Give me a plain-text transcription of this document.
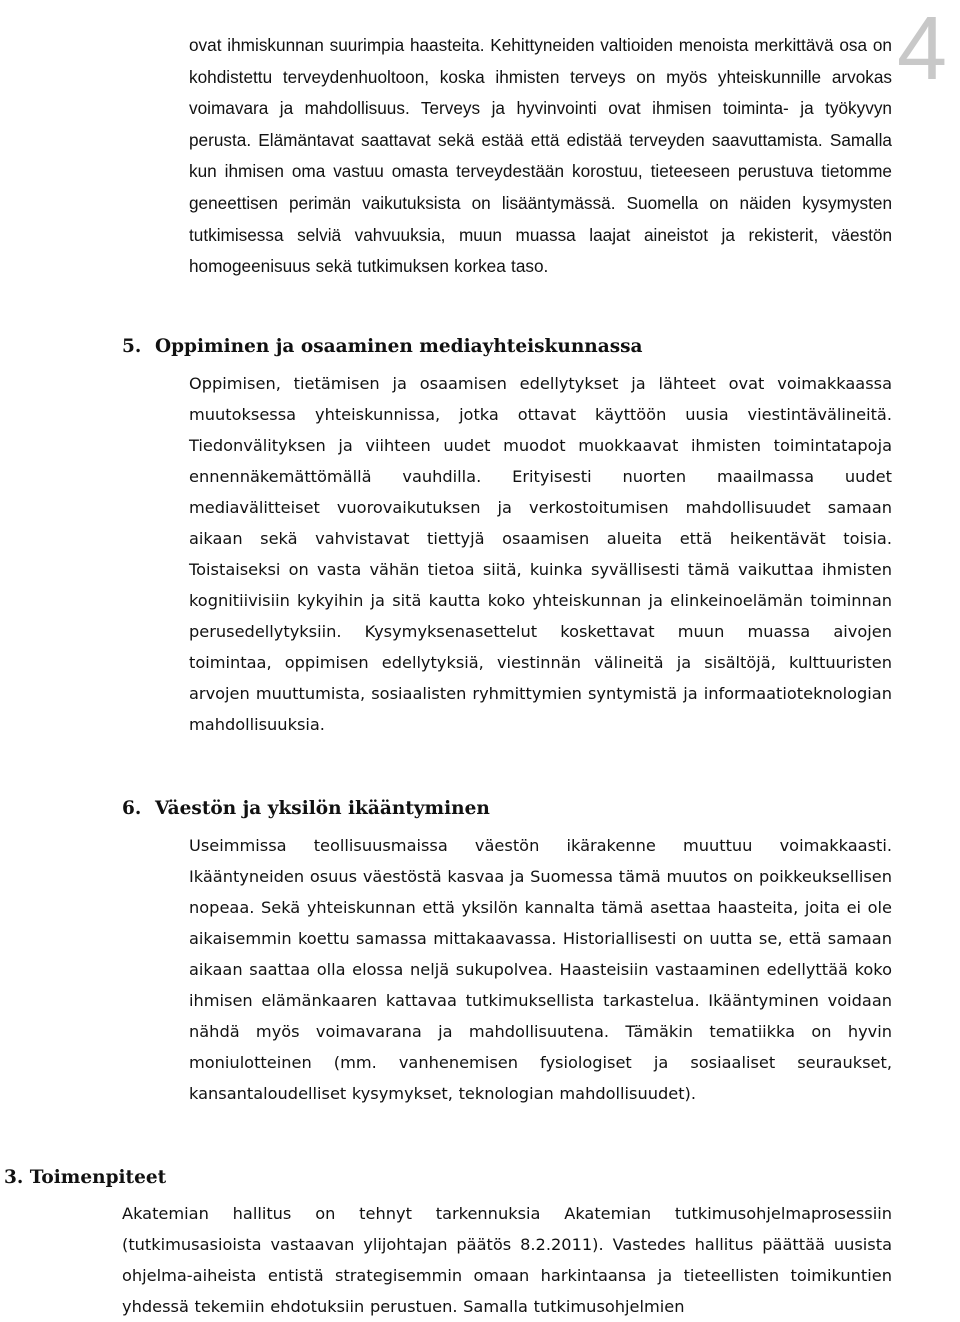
4

ovat ihmiskunnan suurimpia haasteita. Kehittyneiden valtioiden menoista merkittävä osa on kohdistettu terveydenhuoltoon, koska ihmisten terveys on myös yhteiskunnille arvokas voimavara ja mahdollisuus. Terveys ja hyvinvointi ovat ihmisen toiminta- ja työkyvyn perusta. Elämäntavat saattavat sekä estää että edistää terveyden saavuttamista. Samalla kun ihmisen oma vastuu omasta terveydestään korostuu, tieteeseen perustuva tietomme geneettisen perimän vaikutuksista on lisääntymässä. Suomella on näiden kysymysten tutkimisessa selviä vahvuuksia, muun muassa laajat aineistot ja rekisterit, väestön homogeenisuus sekä tutkimuksen korkea taso.

5. Oppiminen ja osaaminen mediayhteiskunnassa

Oppimisen, tietämisen ja osaamisen edellytykset ja lähteet ovat voimakkaassa muutoksessa yhteiskunnissa, jotka ottavat käyttöön uusia viestintävälineitä. Tiedonvälityksen ja viihteen uudet muodot muokkaavat ihmisten toimintatapoja ennennäkemättömällä vauhdilla. Erityisesti nuorten maailmassa uudet mediavälitteiset vuorovaikutuksen ja verkostoitumisen mahdollisuudet samaan aikaan sekä vahvistavat tiettyjä osaamisen alueita että heikentävät toisia. Toistaiseksi on vasta vähän tietoa siitä, kuinka syvällisesti tämä vaikuttaa ihmisten kognitiivisiin kykyihin ja sitä kautta koko yhteiskunnan ja elinkeinoelämän toiminnan perusedellytyksiin. Kysymyksenasettelut koskettavat muun muassa aivojen toimintaa, oppimisen edellytyksiä, viestinnän välineitä ja sisältöjä, kulttuuristen arvojen muuttumista, sosiaalisten ryhmittymien syntymistä ja informaatioteknologian mahdollisuuksia.

6. Väestön ja yksilön ikääntyminen

Useimmissa teollisuusmaissa väestön ikärakenne muuttuu voimakkaasti. Ikääntyneiden osuus väestöstä kasvaa ja Suomessa tämä muutos on poikkeuksellisen nopeaa. Sekä yhteiskunnan että yksilön kannalta tämä asettaa haasteita, joita ei ole aikaisemmin koettu samassa mittakaavassa. Historiallisesti on uutta se, että samaan aikaan saattaa olla elossa neljä sukupolvea. Haasteisiin vastaaminen edellyttää koko ihmisen elämänkaaren kattavaa tutkimuksellista tarkastelua. Ikääntyminen voidaan nähdä myös voimavarana ja mahdollisuutena. Tämäkin tematiikka on hyvin moniulotteinen (mm. vanhenemisen fysiologiset ja sosiaaliset seuraukset, kansantaloudelliset kysymykset, teknologian mahdollisuudet).

3. Toimenpiteet

Akatemian hallitus on tehnyt tarkennuksia Akatemian tutkimusohjelmaprosessiin (tutkimusasioista vastaavan ylijohtajan päätös 8.2.2011). Vastedes hallitus päättää uusista ohjelma-aiheista entistä strategisemmin omaan harkintaansa ja tieteellisten toimikuntien yhdessä tekemiin ehdotuksiin perustuen. Samalla tutkimusohjelmien
